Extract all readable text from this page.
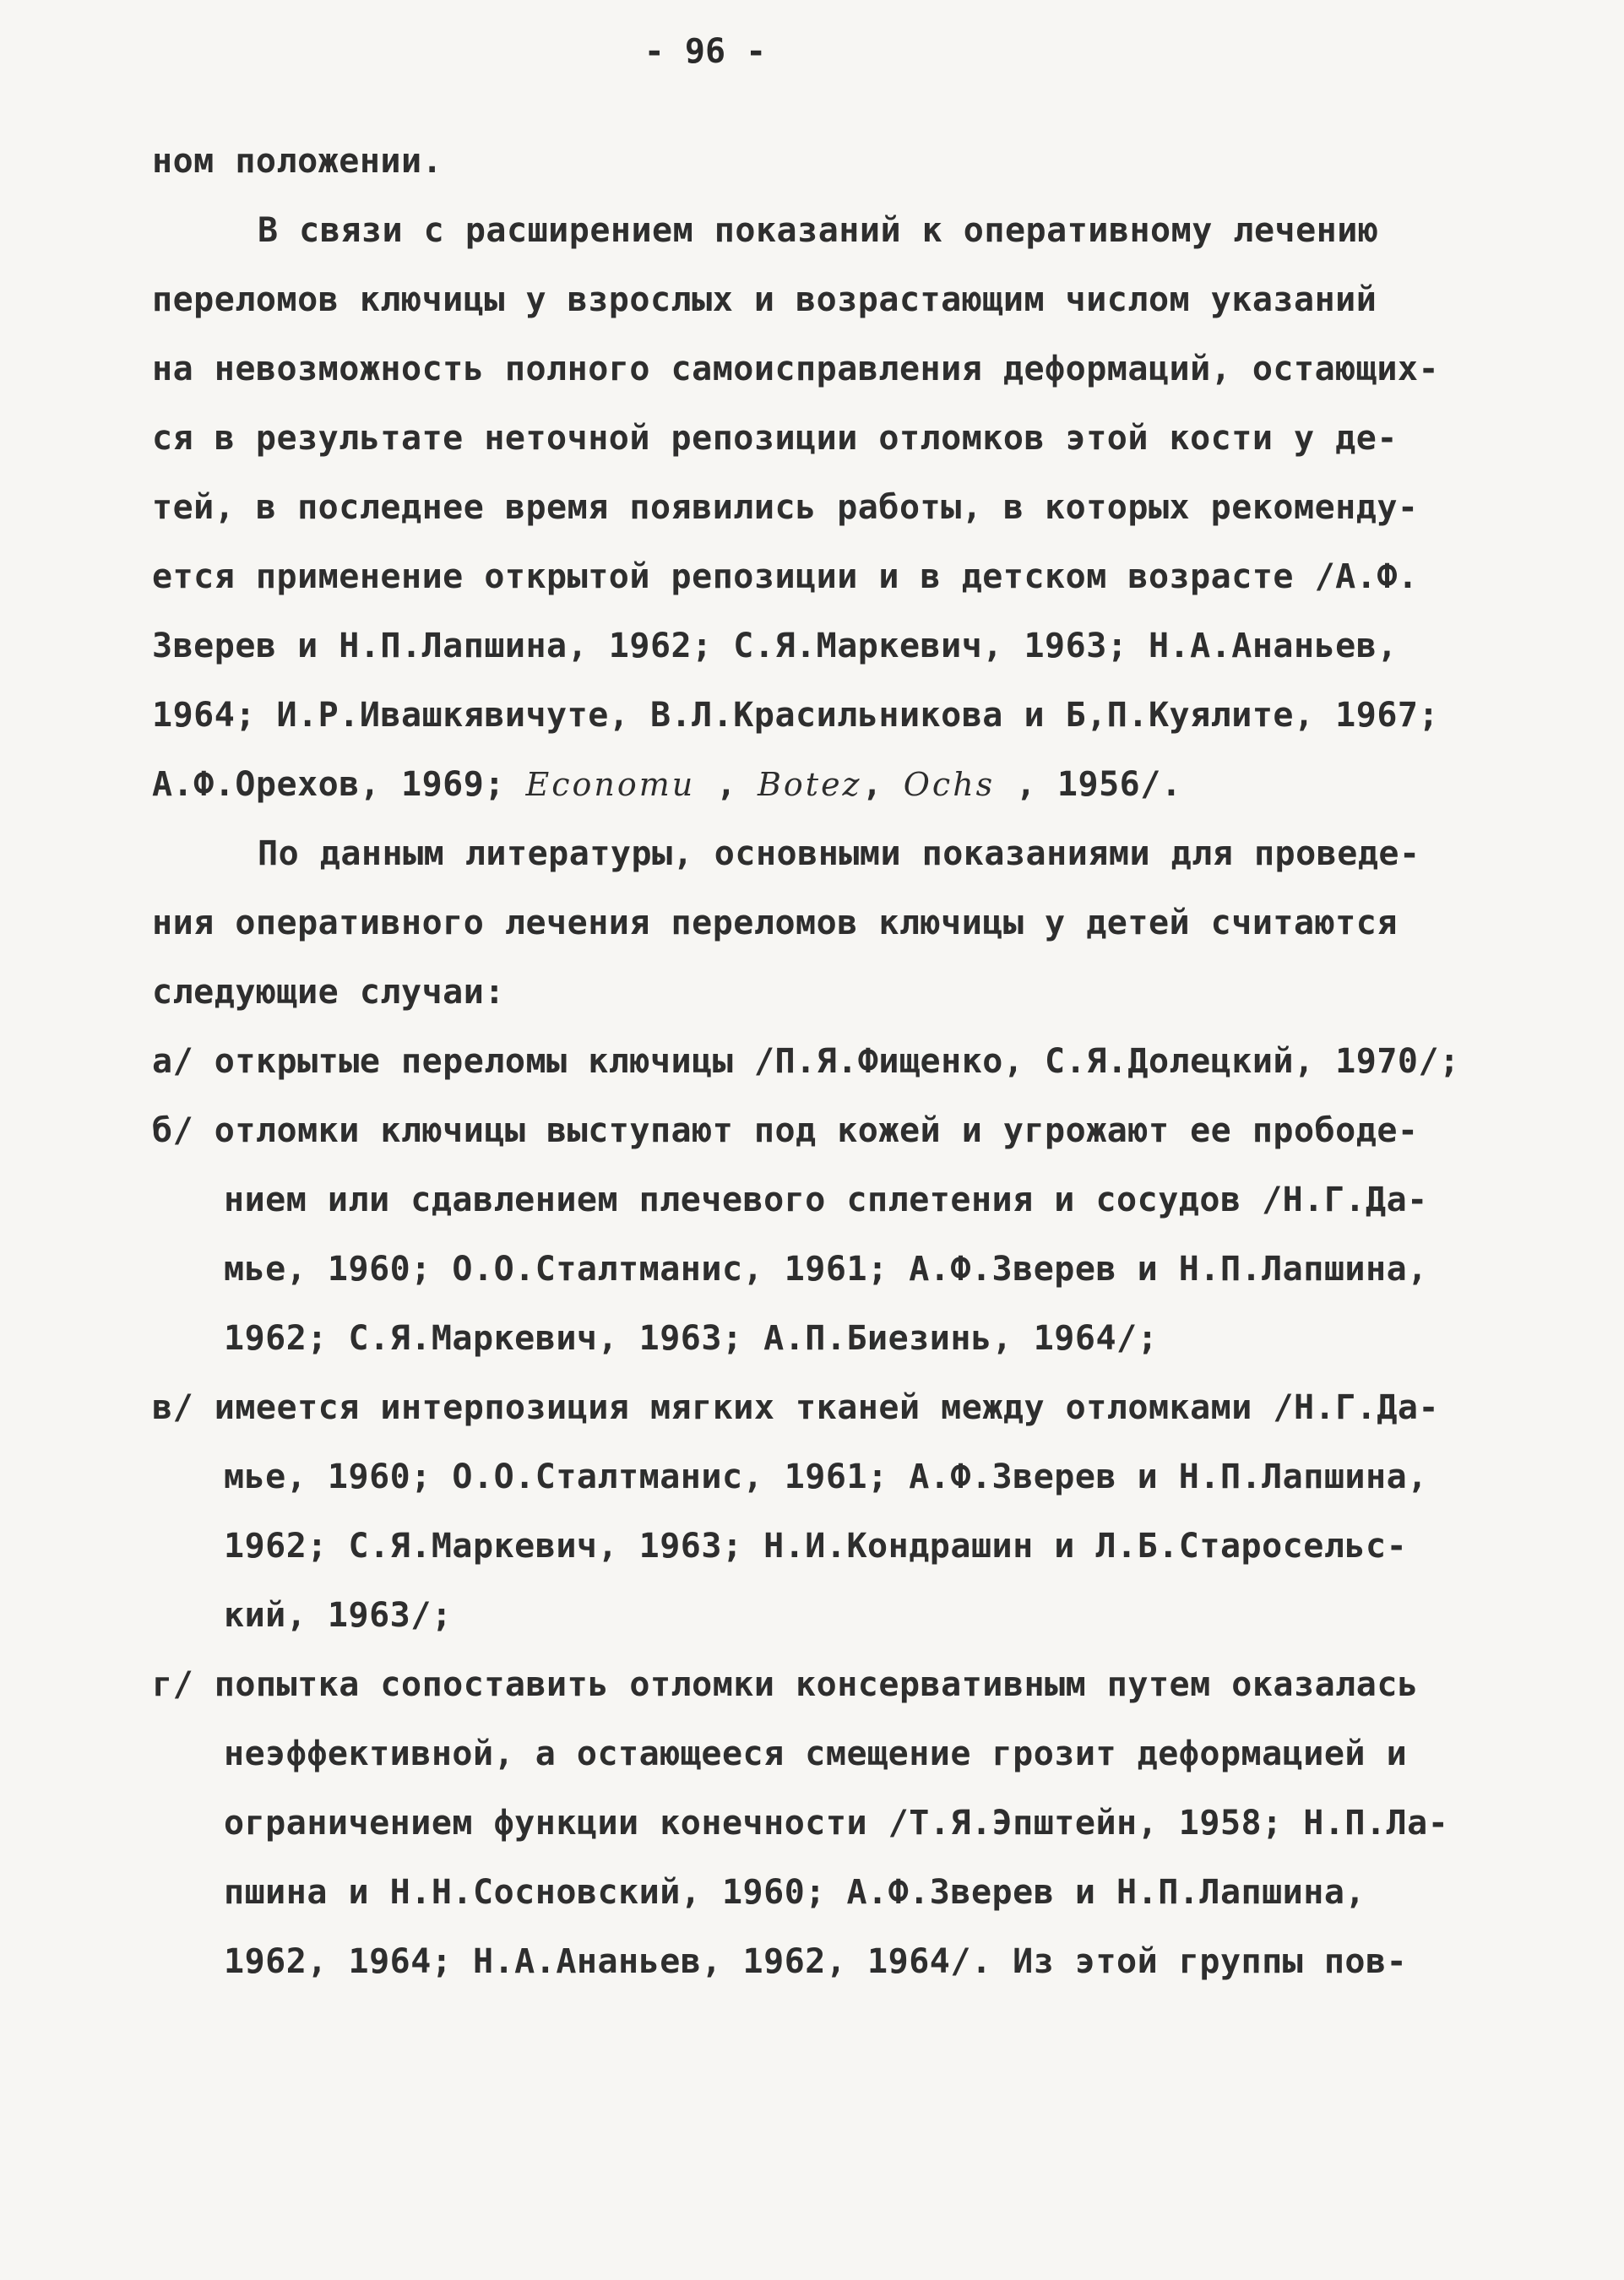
- 96 -
ном положении.
В связи с расширением показаний к оперативному лечению
переломов ключицы у взрослых и возрастающим числом указаний
на невозможность полного самоисправления деформаций, остающих-
ся в результате неточной репозиции отломков этой кости у де-
тей, в последнее время появились работы, в которых рекоменду-
ется применение открытой репозиции и в детском возрасте /А.Ф.
Зверев и Н.П.Лапшина, 1962; С.Я.Маркевич, 1963; Н.А.Ананьев,
1964; И.Р.Ивашкявичуте, В.Л.Красильникова и Б,П.Куялите, 1967;
А.Ф.Орехов, 1969; Economu , Botez, Ochs , 1956/.
По данным литературы, основными показаниями для проведе-
ния оперативного лечения переломов ключицы у детей считаются
следующие случаи:
а/ открытые переломы ключицы /П.Я.Фищенко, С.Я.Долецкий, 1970/;
б/ отломки ключицы выступают под кожей и угрожают ее прободе-
нием или сдавлением плечевого сплетения и сосудов /Н.Г.Да-
мье, 1960; О.О.Сталтманис, 1961; А.Ф.Зверев и Н.П.Лапшина,
1962; С.Я.Маркевич, 1963; А.П.Биезинь, 1964/;
в/ имеется интерпозиция мягких тканей между отломками /Н.Г.Да-
мье, 1960; О.О.Сталтманис, 1961; А.Ф.Зверев и Н.П.Лапшина,
1962; С.Я.Маркевич, 1963; Н.И.Кондрашин и Л.Б.Старосельс-
кий, 1963/;
г/ попытка сопоставить отломки консервативным путем оказалась
неэффективной, а остающееся смещение грозит деформацией и
ограничением функции конечности /Т.Я.Эпштейн, 1958; Н.П.Ла-
пшина и Н.Н.Сосновский, 1960; А.Ф.Зверев и Н.П.Лапшина,
1962, 1964; Н.А.Ананьев, 1962, 1964/. Из этой группы пов-
